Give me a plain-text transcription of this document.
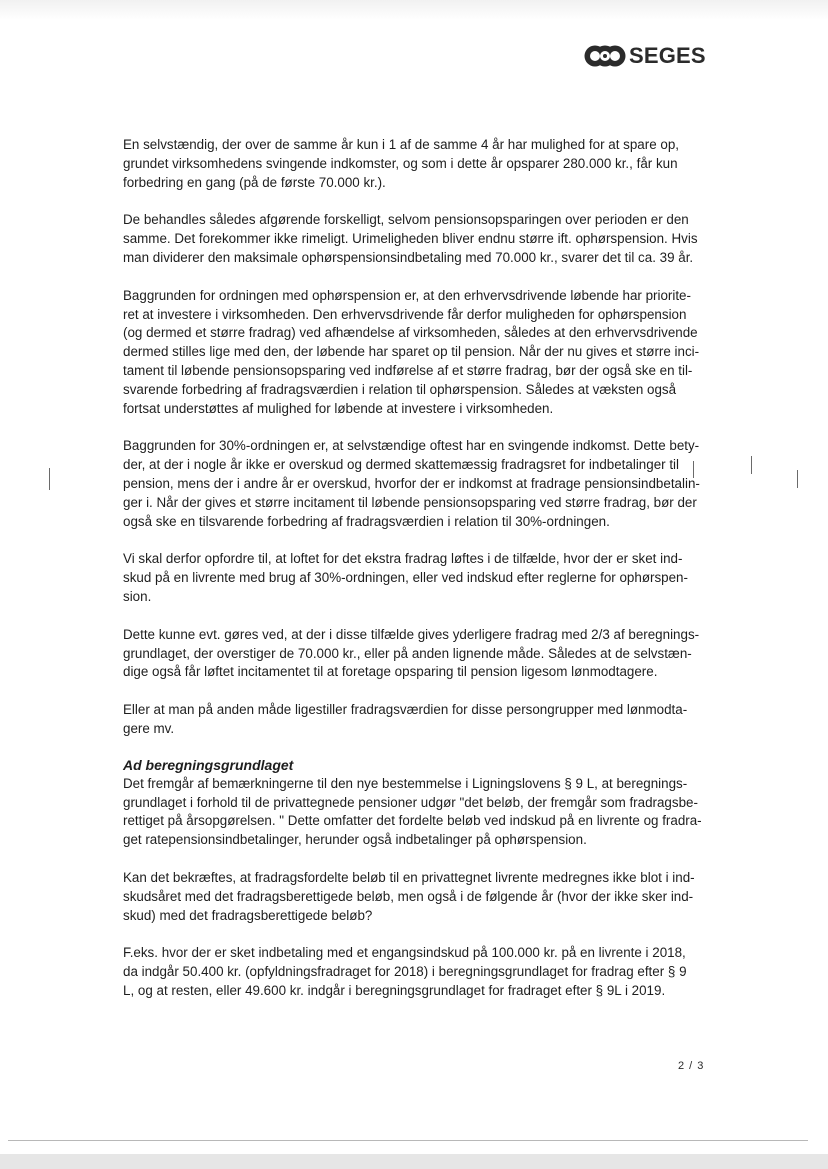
SEGES

En selvstændig, der over de samme år kun i 1 af de samme 4 år har mulighed for at spare op,
grundet virksomhedens svingende indkomster, og som i dette år opsparer 280.000 kr., får kun
forbedring en gang (på de første 70.000 kr.).

De behandles således afgørende forskelligt, selvom pensionsopsparingen over perioden er den
samme. Det forekommer ikke rimeligt. Urimeligheden bliver endnu større ift. ophørspension. Hvis
man dividerer den maksimale ophørspensionsindbetaling med 70.000 kr., svarer det til ca. 39 år.

Baggrunden for ordningen med ophørspension er, at den erhvervsdrivende løbende har priorite-
ret at investere i virksomheden. Den erhvervsdrivende får derfor muligheden for ophørspension
(og dermed et større fradrag) ved afhændelse af virksomheden, således at den erhvervsdrivende
dermed stilles lige med den, der løbende har sparet op til pension. Når der nu gives et større inci-
tament til løbende pensionsopsparing ved indførelse af et større fradrag, bør der også ske en til-
svarende forbedring af fradragsværdien i relation til ophørspension. Således at væksten også
fortsat understøttes af mulighed for løbende at investere i virksomheden.

Baggrunden for 30%-ordningen er, at selvstændige oftest har en svingende indkomst. Dette bety-
der, at der i nogle år ikke er overskud og dermed skattemæssig fradragsret for indbetalinger til
pension, mens der i andre år er overskud, hvorfor der er indkomst at fradrage pensionsindbetalin-
ger i. Når der gives et større incitament til løbende pensionsopsparing ved større fradrag, bør der
også ske en tilsvarende forbedring af fradragsværdien i relation til 30%-ordningen.

Vi skal derfor opfordre til, at loftet for det ekstra fradrag løftes i de tilfælde, hvor der er sket ind-
skud på en livrente med brug af 30%-ordningen, eller ved indskud efter reglerne for ophørspen-
sion.

Dette kunne evt. gøres ved, at der i disse tilfælde gives yderligere fradrag med 2/3 af beregnings-
grundlaget, der overstiger de 70.000 kr., eller på anden lignende måde. Således at de selvstæn-
dige også får løftet incitamentet til at foretage opsparing til pension ligesom lønmodtagere.

Eller at man på anden måde ligestiller fradragsværdien for disse persongrupper med lønmodta-
gere mv.

Ad beregningsgrundlaget

Det fremgår af bemærkningerne til den nye bestemmelse i Ligningslovens § 9 L, at beregnings-
grundlaget i forhold til de privattegnede pensioner udgør "det beløb, der fremgår som fradragsbe-
rettiget på årsopgørelsen. " Dette omfatter det fordelte beløb ved indskud på en livrente og fradra-
get ratepensionsindbetalinger, herunder også indbetalinger på ophørspension.

Kan det bekræftes, at fradragsfordelte beløb til en privattegnet livrente medregnes ikke blot i ind-
skudsåret med det fradragsberettigede beløb, men også i de følgende år (hvor der ikke sker ind-
skud) med det fradragsberettigede beløb?

F.eks. hvor der er sket indbetaling med et engangsindskud på 100.000 kr. på en livrente i 2018,
da indgår 50.400 kr. (opfyldningsfradraget for 2018) i beregningsgrundlaget for fradrag efter § 9
L, og at resten, eller 49.600 kr. indgår i beregningsgrundlaget for fradraget efter § 9L i 2019.

2 / 3
